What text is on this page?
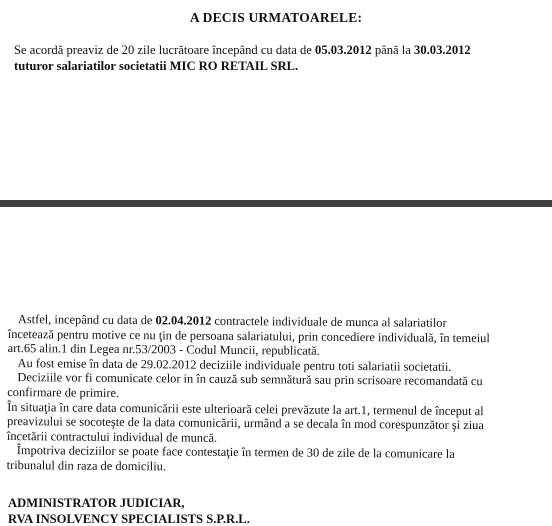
A DECIS URMATOARELE:
Se acordă preaviz de 20 zile lucrătoare începând cu data de 05.03.2012 până la 30.03.2012
tuturor salariatilor societatii MIC RO RETAIL SRL.

Astfel, incepând cu data de 02.04.2012 contractele individuale de munca al salariatilor

încetează pentru motive ce nu ţin de persoana salariatului, prin concediere individuală, în temeiul

art.65 alin.1 din Legea nr.53/2003 - Codul Muncii, republicată.

Au fost emise în data de 29.02.2012 deciziile individuale pentru toti salariatii societatii.

Deciziile vor fi comunicate celor in în cauză sub semnătură sau prin scrisoare recomandată cu

confirmare de primire.

În situaţia în care data comunicării este ulterioară celei prevăzute la art.1, termenul de început al

preavizului se socoteşte de la data comunicării, urmând a se decala în mod corespunzător şi ziua

încetării contractului individual de muncă.

Împotriva deciziilor se poate face contestaţie în termen de 30 de zile de la comunicare la

tribunalul din raza de domiciliu.

ADMINISTRATOR JUDICIAR,
RVA INSOLVENCY SPECIALISTS S.P.R.L.
